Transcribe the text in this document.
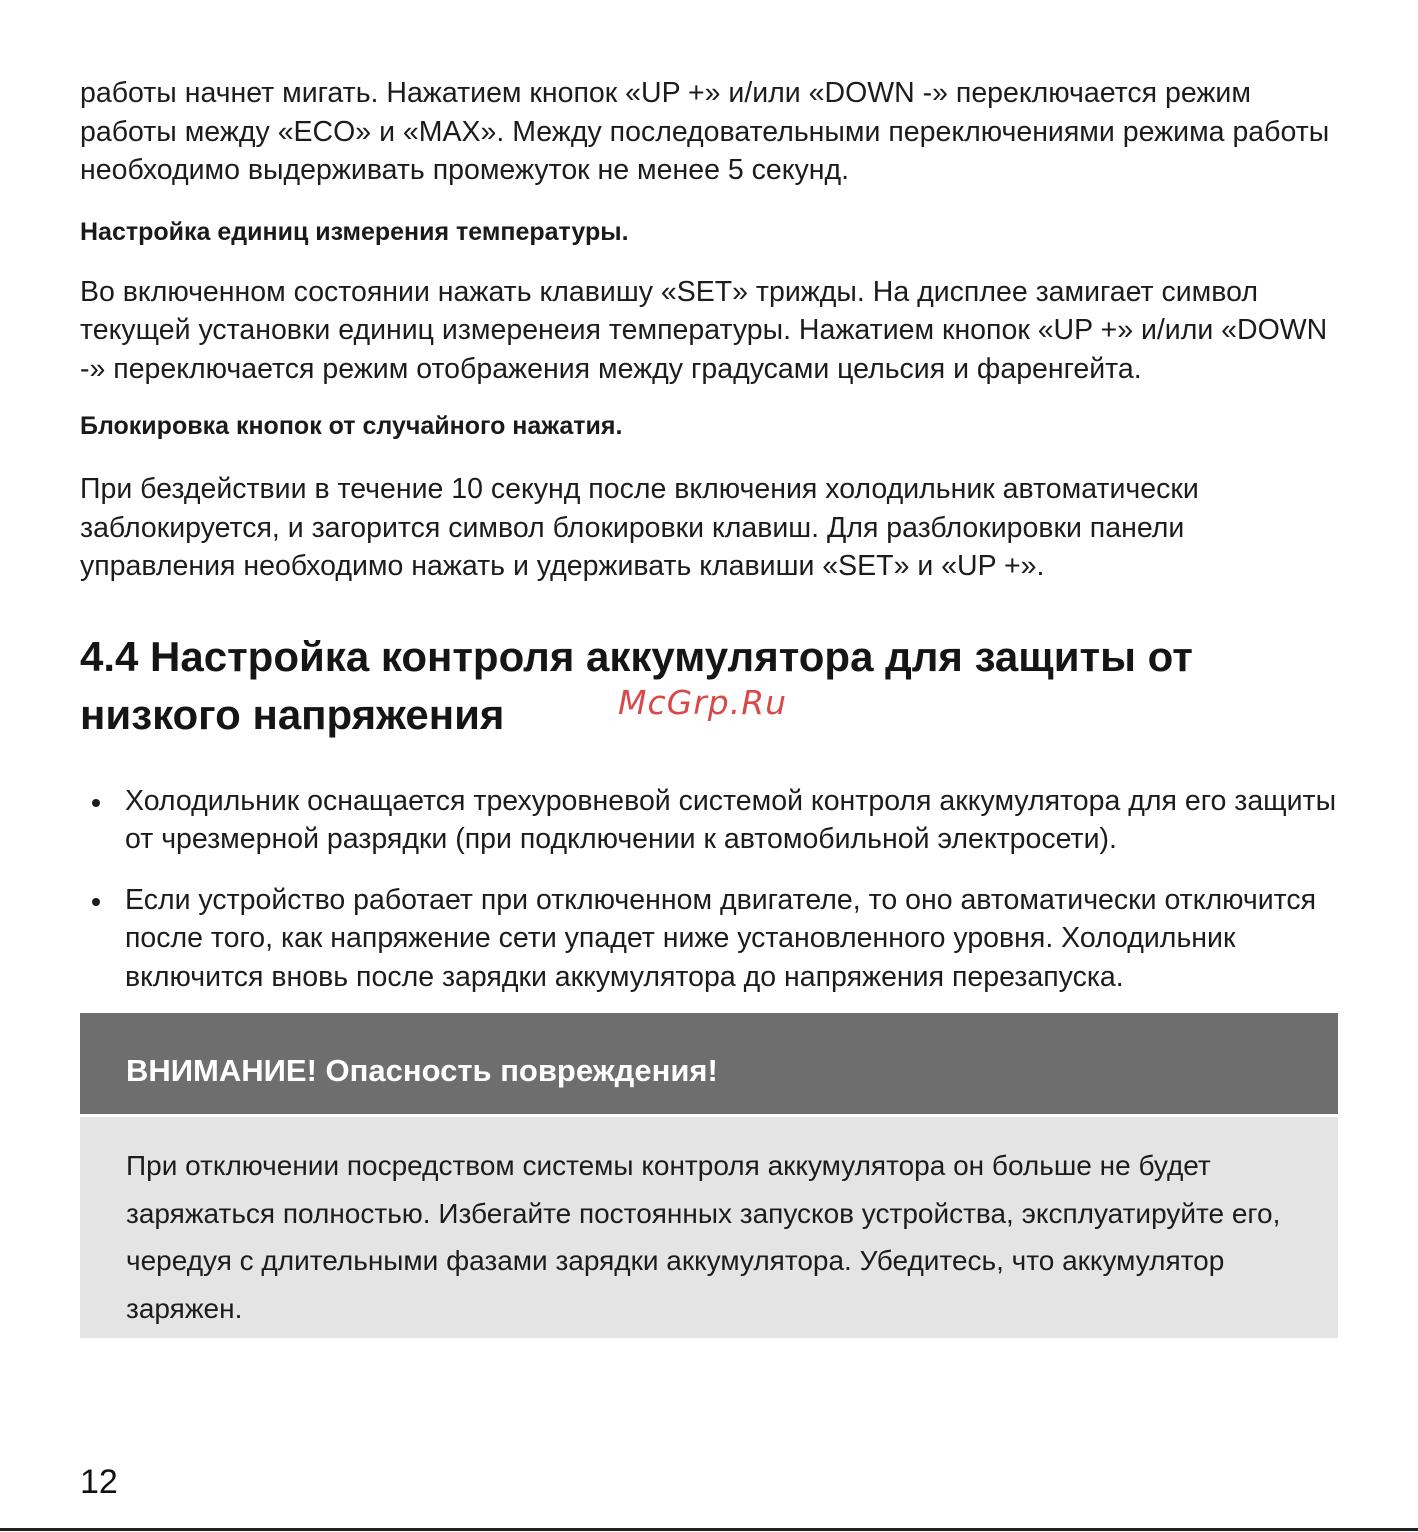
работы начнет мигать. Нажатием кнопок «UP +» и/или «DOWN -» переключается режим работы между «ECO» и «MAX». Между последовательными переключениями режима работы необходимо выдерживать промежуток не менее 5 секунд.

Настройка единиц измерения температуры.

Во включенном состоянии нажать клавишу «SET» трижды. На дисплее замигает символ текущей установки единиц измеренеия температуры. Нажатием кнопок «UP +» и/или «DOWN -» переключается режим отображения между градусами цельсия и фаренгейта.

Блокировка кнопок от случайного нажатия.

При бездействии в течение 10 секунд после включения холодильник автоматически заблокируется, и загорится символ блокировки клавиш. Для разблокировки панели управления необходимо нажать и удерживать клавиши «SET» и «UP +».

4.4 Настройка контроля аккумулятора для защиты от низкого напряжения	McGrp.Ru
Холодильник оснащается трехуровневой системой контроля аккумулятора для его защиты от чрезмерной разрядки (при подключении к автомобильной электросети).
Если устройство работает при отключенном двигателе, то оно автоматически отключится после того, как напряжение сети упадет ниже установленного уровня. Холодильник включится вновь после зарядки аккумулятора до напряжения перезапуска.
ВНИМАНИЕ! Опасность повреждения!
При отключении посредством системы контроля аккумулятора он больше не будет заряжаться полностью. Избегайте постоянных запусков устройства, эксплуатируйте его, чередуя с длительными фазами зарядки аккумулятора. Убедитесь, что аккумулятор заряжен.
12
